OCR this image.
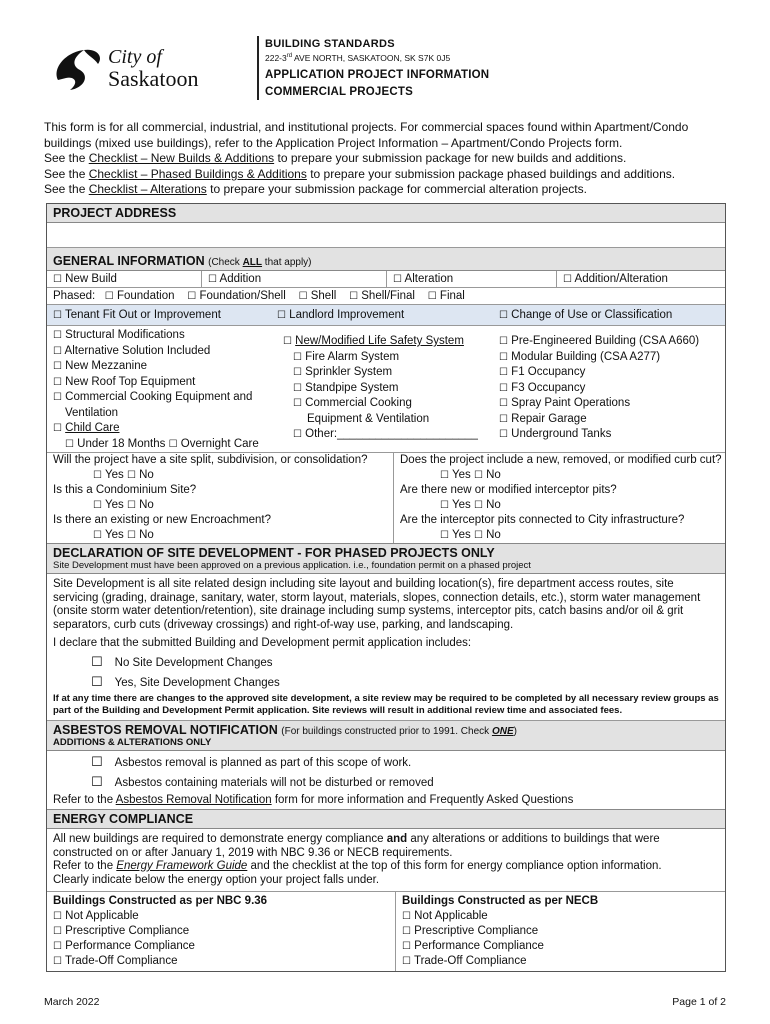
City of
Saskatoon
BUILDING STANDARDS
222-3rd AVE NORTH, SASKATOON, SK S7K 0J5
APPLICATION PROJECT INFORMATION
COMMERCIAL PROJECTS

This form is for all commercial, industrial, and institutional projects. For commercial spaces found within Apartment/Condo buildings (mixed use buildings), refer to the Application Project Information – Apartment/Condo Projects form.

See the Checklist – New Builds & Additions to prepare your submission package for new builds and additions.

See the Checklist – Phased Buildings & Additions to prepare your submission package phased buildings and additions.

See the Checklist – Alterations to prepare your submission package for commercial alteration projects.

PROJECT ADDRESS
GENERAL INFORMATION (Check ALL that apply)
☐ New Build	☐ Addition	☐ Alteration	☐ Addition/Alteration
Phased: ☐ Foundation ☐ Foundation/Shell ☐ Shell ☐ Shell/Final ☐ Final
☐ Tenant Fit Out or Improvement	☐ Landlord Improvement	☐ Change of Use or Classification
☐ Structural Modifications
☐ Alternative Solution Included
☐ New Mezzanine
☐ New Roof Top Equipment
☐ Commercial Cooking Equipment and
Ventilation
☐ Child Care
☐ Under 18 Months ☐ Overnight Care
☐ New/Modified Life Safety System
☐ Fire Alarm System
☐ Sprinkler System
☐ Standpipe System
☐ Commercial Cooking
Equipment & Ventilation
☐ Other:______________________
☐ Pre-Engineered Building (CSA A660)
☐ Modular Building (CSA A277)
☐ F1 Occupancy
☐ F3 Occupancy
☐ Spray Paint Operations
☐ Repair Garage
☐ Underground Tanks
Will the project have a site split, subdivision, or consolidation?
☐ Yes ☐ No
Is this a Condominium Site?
☐ Yes ☐ No
Is there an existing or new Encroachment?
☐ Yes ☐ No
Does the project include a new, removed, or modified curb cut?
☐ Yes ☐ No
Are there new or modified interceptor pits?
☐ Yes ☐ No
Are the interceptor pits connected to City infrastructure?
☐ Yes ☐ No
DECLARATION OF SITE DEVELOPMENT - FOR PHASED PROJECTS ONLY
Site Development must have been approved on a previous application. i.e., foundation permit on a phased project
Site Development is all site related design including site layout and building location(s), fire department access routes, site servicing (grading, drainage, sanitary, water, storm layout, materials, slopes, connection details, etc.), storm water management (onsite storm water detention/retention), site drainage including sump systems, interceptor pits, catch basins and/or oil & grit separators, curb cuts (driveway crossings) and right-of-way use, parking, and landscaping.
I declare that the submitted Building and Development permit application includes:
☐ No Site Development Changes
☐ Yes, Site Development Changes
If at any time there are changes to the approved site development, a site review may be required to be completed by all necessary review groups as part of the Building and Development Permit application. Site reviews will result in additional review time and associated fees.
ASBESTOS REMOVAL NOTIFICATION (For buildings constructed prior to 1991. Check ONE)
ADDITIONS & ALTERATIONS ONLY
☐ Asbestos removal is planned as part of this scope of work.
☐ Asbestos containing materials will not be disturbed or removed
Refer to the Asbestos Removal Notification form for more information and Frequently Asked Questions
ENERGY COMPLIANCE
All new buildings are required to demonstrate energy compliance and any alterations or additions to buildings that were constructed on or after January 1, 2019 with NBC 9.36 or NECB requirements.
Refer to the Energy Framework Guide and the checklist at the top of this form for energy compliance option information.
Clearly indicate below the energy option your project falls under.
Buildings Constructed as per NBC 9.36
☐ Not Applicable
☐ Prescriptive Compliance
☐ Performance Compliance
☐ Trade-Off Compliance
Buildings Constructed as per NECB
☐ Not Applicable
☐ Prescriptive Compliance
☐ Performance Compliance
☐ Trade-Off Compliance
March 2022	Page 1 of 2
